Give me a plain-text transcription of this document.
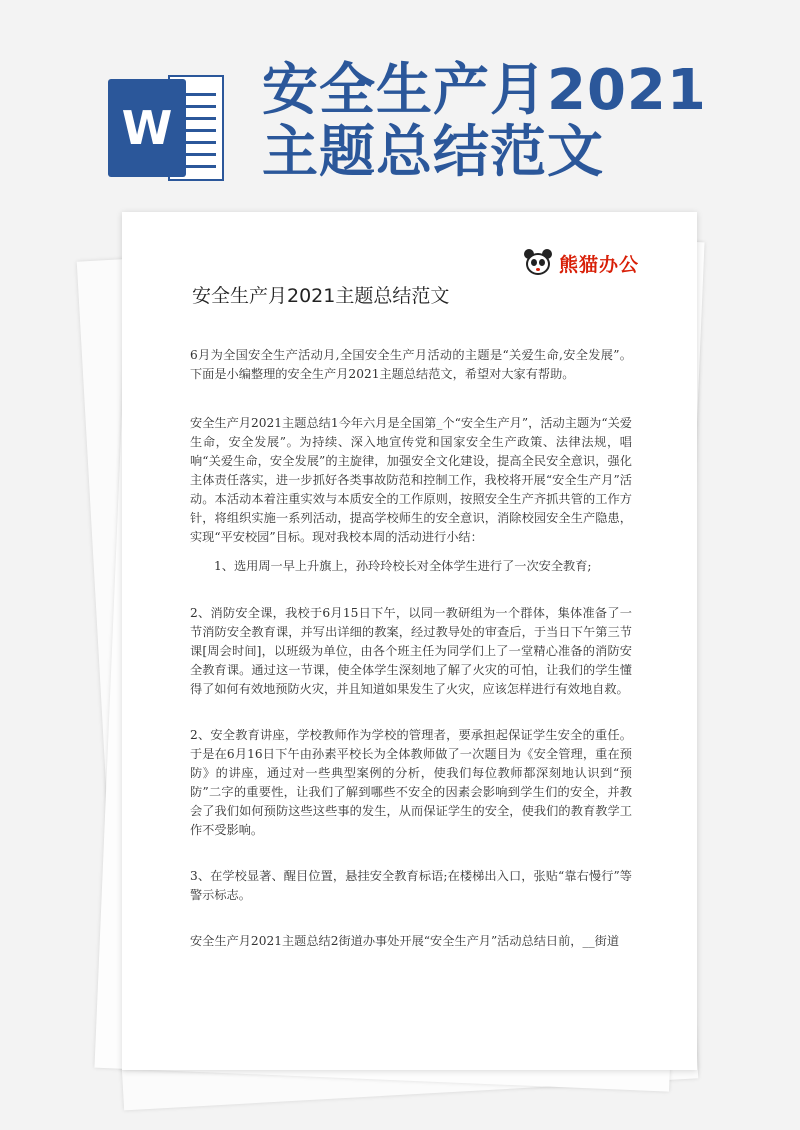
W
安全生产月2021主题总结范文
熊猫办公
安全生产月2021主题总结范文

6月为全国安全生产活动月,全国安全生产月活动的主题是“关爱生命,安全发展”。下面是小编整理的安全生产月2021主题总结范文，希望对大家有帮助。

安全生产月2021主题总结1今年六月是全国第_个“安全生产月”，活动主题为“关爱生命，安全发展”。为持续、深入地宣传党和国家安全生产政策、法律法规，唱响“关爱生命，安全发展”的主旋律，加强安全文化建设，提高全民安全意识，强化主体责任落实，进一步抓好各类事故防范和控制工作，我校将开展“安全生产月”活动。本活动本着注重实效与本质安全的工作原则，按照安全生产齐抓共管的工作方针，将组织实施一系列活动，提高学校师生的安全意识，消除校园安全生产隐患，实现“平安校园”目标。现对我校本周的活动进行小结：

1、选用周一早上升旗上，孙玲玲校长对全体学生进行了一次安全教育;

2、消防安全课，我校于6月15日下午，以同一教研组为一个群体，集体准备了一节消防安全教育课，并写出详细的教案，经过教导处的审查后，于当日下午第三节课[周会时间]，以班级为单位，由各个班主任为同学们上了一堂精心准备的消防安全教育课。通过这一节课，使全体学生深刻地了解了火灾的可怕，让我们的学生懂得了如何有效地预防火灾，并且知道如果发生了火灾，应该怎样进行有效地自救。

2、安全教育讲座，学校教师作为学校的管理者，要承担起保证学生安全的重任。于是在6月16日下午由孙素平校长为全体教师做了一次题目为《安全管理，重在预防》的讲座，通过对一些典型案例的分析，使我们每位教师都深刻地认识到“预防”二字的重要性，让我们了解到哪些不安全的因素会影响到学生们的安全，并教会了我们如何预防这些这些事的发生，从而保证学生的安全，使我们的教育教学工作不受影响。

3、在学校显著、醒目位置，悬挂安全教育标语;在楼梯出入口，张贴“靠右慢行”等警示标志。

安全生产月2021主题总结2街道办事处开展“安全生产月”活动总结日前，__街道
